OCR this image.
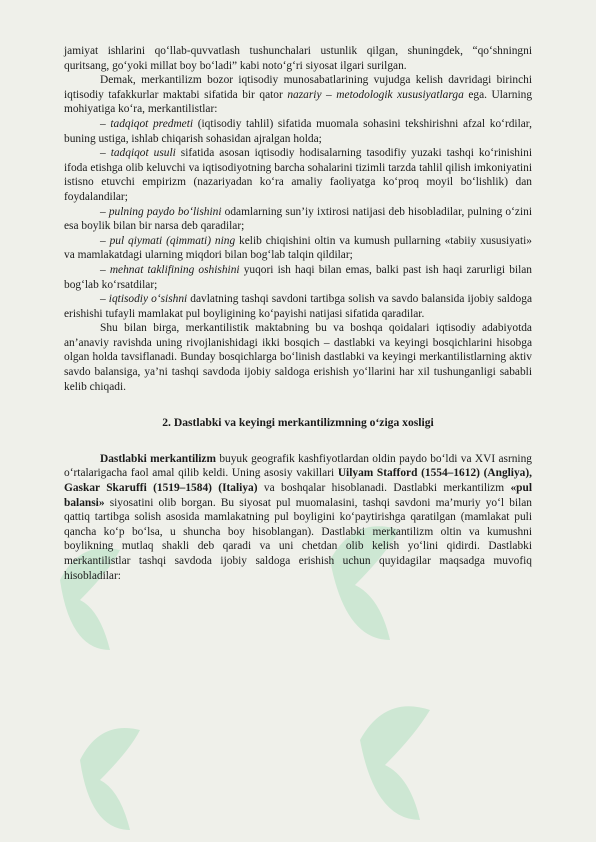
jamiyat ishlarini qo‘llab-quvvatlash tushunchalari ustunlik qilgan, shuningdek, “qo‘shningni quritsang, go‘yoki millat boy bo‘ladi” kabi noto‘g‘ri siyosat ilgari surilgan.

Demak, merkantilizm bozor iqtisodiy munosabatlarining vujudga kelish davridagi birinchi iqtisodiy tafakkurlar maktabi sifatida bir qator nazariy – metodologik xususiyatlarga ega. Ularning mohiyatiga ko‘ra, merkantilistlar:

– tadqiqot predmeti (iqtisodiy tahlil) sifatida muomala sohasini tekshirishni afzal ko‘rdilar, buning ustiga, ishlab chiqarish sohasidan ajralgan holda;

– tadqiqot usuli sifatida asosan iqtisodiy hodisalarning tasodifiy yuzaki tashqi ko‘rinishini ifoda etishga olib keluvchi va iqtisodiyotning barcha sohalarini tizimli tarzda tahlil qilish imkoniyatini istisno etuvchi empirizm (nazariyadan ko‘ra amaliy faoliyatga ko‘proq moyil bo‘lishlik) dan foydalandilar;

– pulning paydo bo‘lishini odamlarning sun’iy ixtirosi natijasi deb hisobladilar, pulning o‘zini esa boylik bilan bir narsa deb qaradilar;

– pul qiymati (qimmati) ning kelib chiqishini oltin va kumush pullarning «tabiiy xususiyati» va mamlakatdagi ularning miqdori bilan bog‘lab talqin qildilar;

– mehnat taklifining oshishini yuqori ish haqi bilan emas, balki past ish haqi zarurligi bilan bog‘lab ko‘rsatdilar;

– iqtisodiy o‘sishni davlatning tashqi savdoni tartibga solish va savdo balansida ijobiy saldoga erishishi tufayli mamlakat pul boyligining ko‘payishi natijasi sifatida qaradilar.

Shu bilan birga, merkantilistik maktabning bu va boshqa qoidalari iqtisodiy adabiyotda an’anaviy ravishda uning rivojlanishidagi ikki bosqich – dastlabki va keyingi bosqichlarini hisobga olgan holda tavsiflanadi. Bunday bosqichlarga bo‘linish dastlabki va keyingi merkantilistlarning aktiv savdo balansiga, ya’ni tashqi savdoda ijobiy saldoga erishish yo‘llarini har xil tushunganligi sababli kelib chiqadi.

2. Dastlabki va keyingi merkantilizmning o‘ziga xosligi

Dastlabki merkantilizm buyuk geografik kashfiyotlardan oldin paydo bo‘ldi va XVI asrning o‘rtalarigacha faol amal qilib keldi. Uning asosiy vakillari Uilyam Stafford (1554–1612) (Angliya), Gaskar Skaruffi (1519–1584) (Italiya) va boshqalar hisoblanadi. Dastlabki merkantilizm «pul balansi» siyosatini olib borgan. Bu siyosat pul muomalasini, tashqi savdoni ma’muriy yo‘l bilan qattiq tartibga solish asosida mamlakatning pul boyligini ko‘paytirishga qaratilgan (mamlakat puli qancha ko‘p bo‘lsa, u shuncha boy hisoblangan). Dastlabki merkantilizm oltin va kumushni boylikning mutlaq shakli deb qaradi va uni chetdan olib kelish yo‘lini qidirdi. Dastlabki merkantilistlar tashqi savdoda ijobiy saldoga erishish uchun quyidagilar maqsadga muvofiq hisobladilar:
